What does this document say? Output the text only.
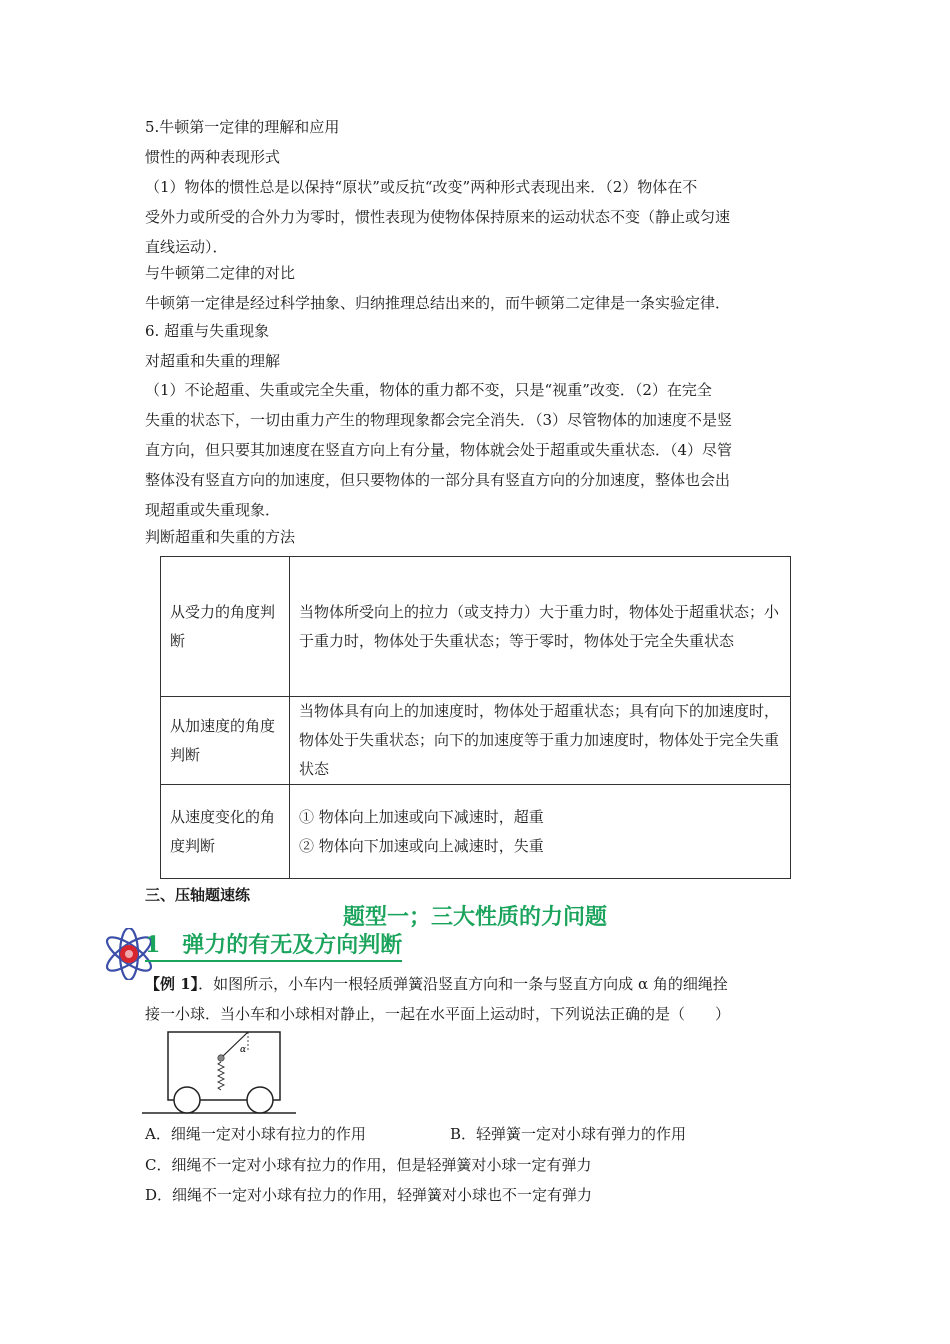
5.牛顿第一定律的理解和应用
惯性的两种表现形式
（1）物体的惯性总是以保持“原状”或反抗“改变”两种形式表现出来．（2）物体在不
受外力或所受的合外力为零时，惯性表现为使物体保持原来的运动状态不变（静止或匀速
直线运动）．
与牛顿第二定律的对比
牛顿第一定律是经过科学抽象、归纳推理总结出来的，而牛顿第二定律是一条实验定律．
6. 超重与失重现象
对超重和失重的理解
（1）不论超重、失重或完全失重，物体的重力都不变，只是“视重”改变．（2）在完全
失重的状态下，一切由重力产生的物理现象都会完全消失．（3）尽管物体的加速度不是竖
直方向，但只要其加速度在竖直方向上有分量，物体就会处于超重或失重状态．（4）尽管
整体没有竖直方向的加速度，但只要物体的一部分具有竖直方向的分加速度，整体也会出
现超重或失重现象．
判断超重和失重的方法
从受力的角度判断	当物体所受向上的拉力（或支持力）大于重力时，物体处于超重状态；小于重力时，物体处于失重状态；等于零时，物体处于完全失重状态
从加速度的角度判断	当物体具有向上的加速度时，物体处于超重状态；具有向下的加速度时，物体处于失重状态；向下的加速度等于重力加速度时，物体处于完全失重状态
从速度变化的角度判断	① 物体向上加速或向下减速时，超重
② 物体向下加速或向上减速时，失重
三、压轴题速练
题型一；三大性质的力问题
1　弹力的有无及方向判断
【例 1】．如图所示，小车内一根轻质弹簧沿竖直方向和一条与竖直方向成 α 角的细绳拴
接一小球．当小车和小球相对静止，一起在水平面上运动时，下列说法正确的是（　　）
α
A．细绳一定对小球有拉力的作用	B．轻弹簧一定对小球有弹力的作用
C．细绳不一定对小球有拉力的作用，但是轻弹簧对小球一定有弹力
D．细绳不一定对小球有拉力的作用，轻弹簧对小球也不一定有弹力
